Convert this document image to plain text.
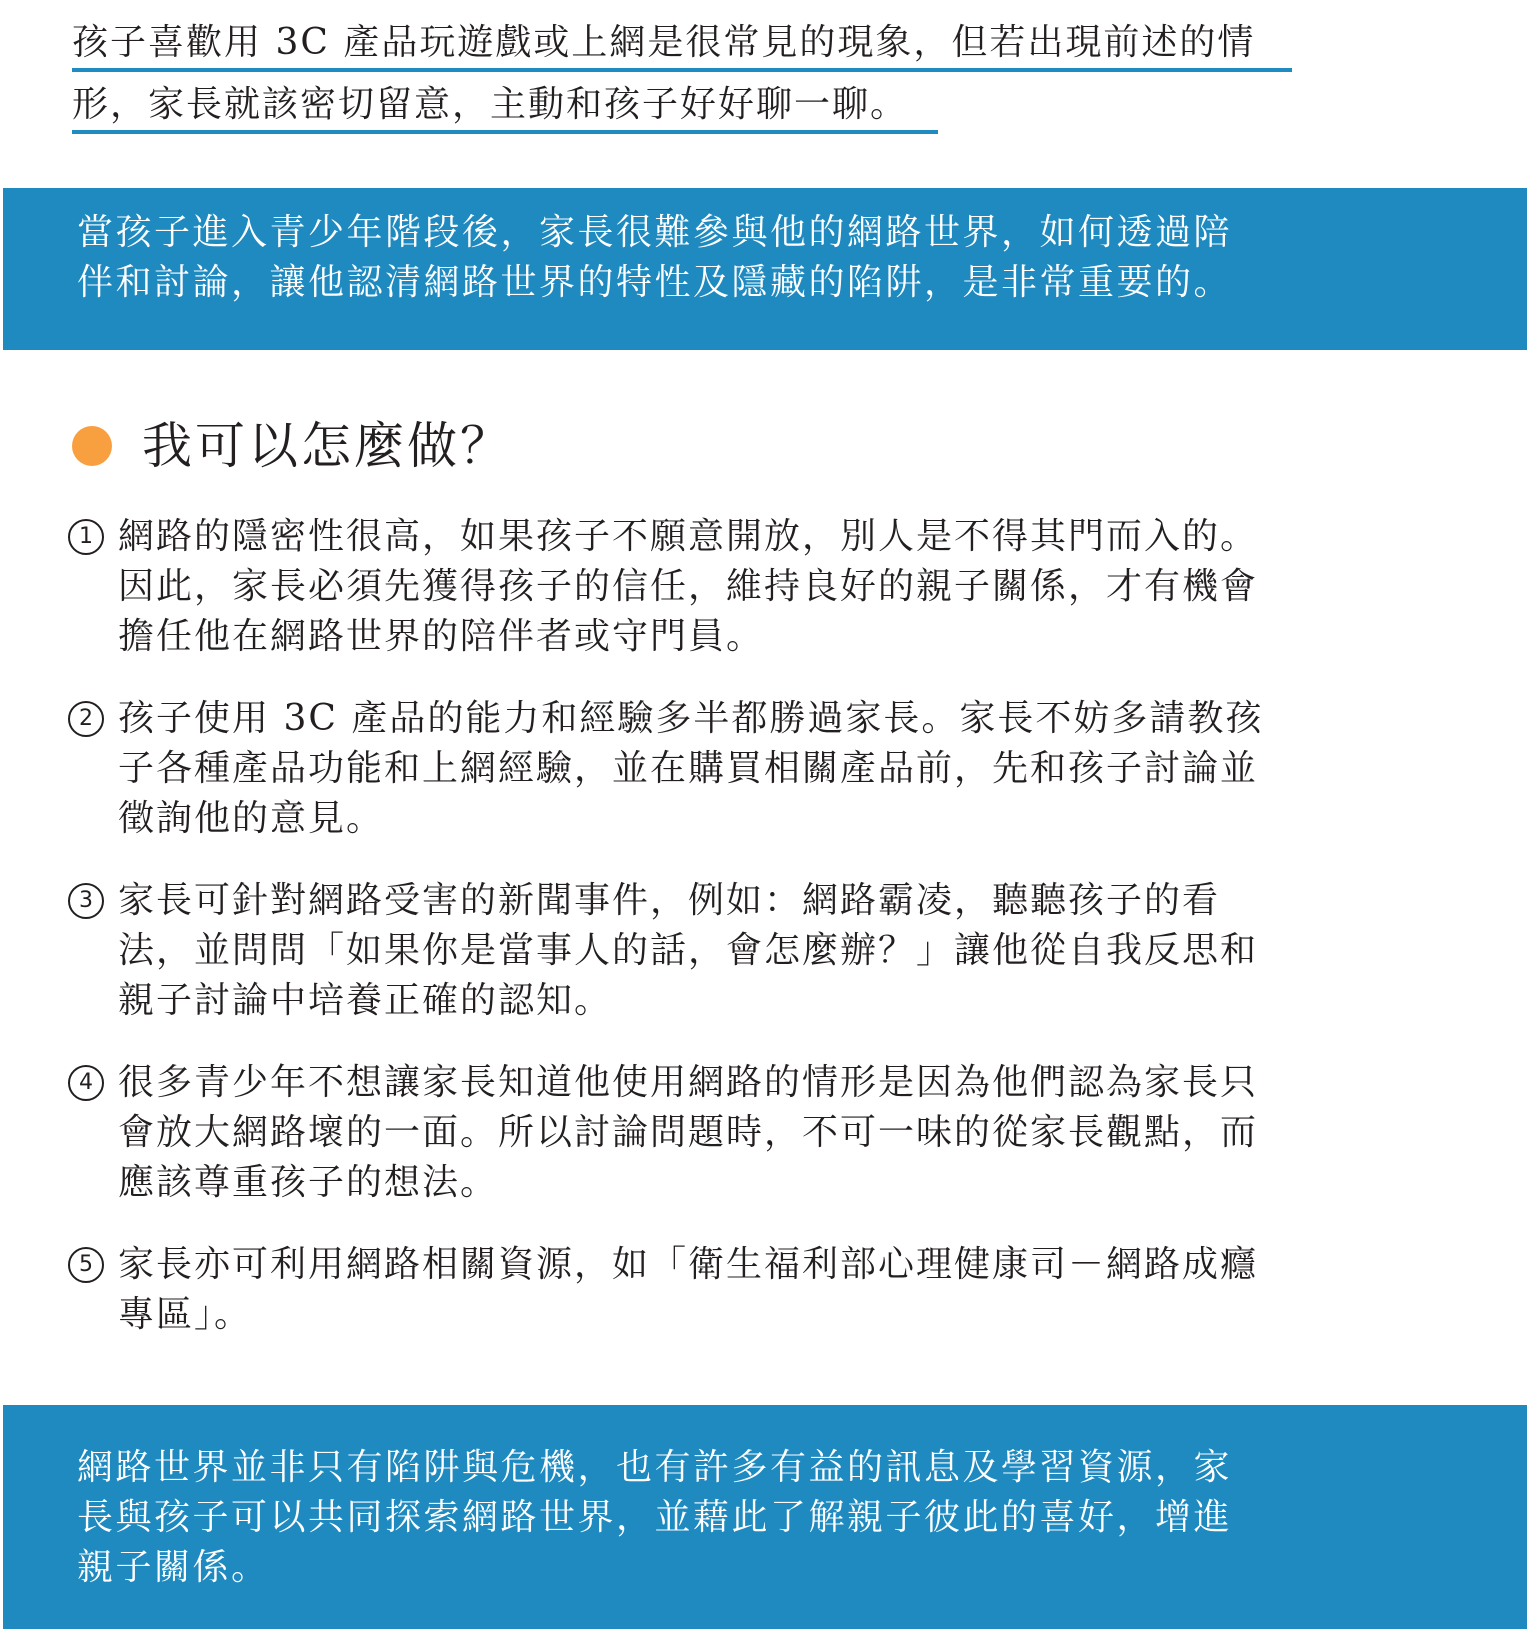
孩子喜歡用 3C 產品玩遊戲或上網是很常見的現象，但若出現前述的情 形，家長就該密切留意，主動和孩子好好聊一聊。

當孩子進入青少年階段後，家長很難參與他的網路世界，如何透過陪

伴和討論，讓他認清網路世界的特性及隱藏的陷阱，是非常重要的。

我可以怎麼做？
1 網路的隱密性很高，如果孩子不願意開放，別人是不得其門而入的。

因此，家長必須先獲得孩子的信任，維持良好的親子關係，才有機會

擔任他在網路世界的陪伴者或守門員。

2 孩子使用 3C 產品的能力和經驗多半都勝過家長。家長不妨多請教孩

子各種產品功能和上網經驗，並在購買相關產品前，先和孩子討論並

徵詢他的意見。

3 家長可針對網路受害的新聞事件，例如：網路霸凌，聽聽孩子的看

法，並問問「如果你是當事人的話，會怎麼辦？」讓他從自我反思和

親子討論中培養正確的認知。

4 很多青少年不想讓家長知道他使用網路的情形是因為他們認為家長只

會放大網路壞的一面。所以討論問題時，不可一味的從家長觀點，而

應該尊重孩子的想法。

5 家長亦可利用網路相關資源，如「衛生福利部心理健康司－網路成癮

專區」。

網路世界並非只有陷阱與危機，也有許多有益的訊息及學習資源，家

長與孩子可以共同探索網路世界，並藉此了解親子彼此的喜好，增進

親子關係。
